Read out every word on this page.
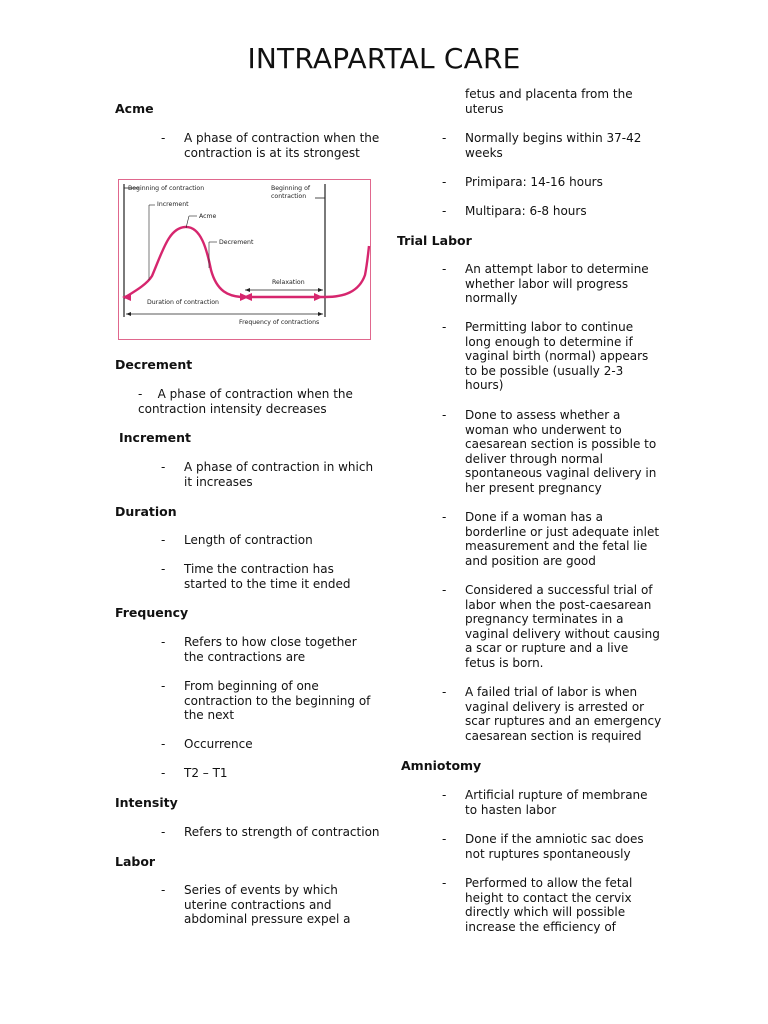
INTRAPARTAL CARE
Beginning of contraction	Beginning of
contraction
Increment
Acme
Decrement
Relaxation
Duration of contraction
Frequency of contractions
Acme
- A phase of contraction when the
contraction is at its strongest
Decrement
- A phase of contraction when the
contraction intensity decreases
Increment
- A phase of contraction in which
it increases
Duration
- Length of contraction
- Time the contraction has
started to the time it ended
Frequency
- Refers to how close together
the contractions are
- From beginning of one
contraction to the beginning of
the next
- Occurrence
- T2 – T1
Intensity
- Refers to strength of contraction
Labor
- Series of events by which
uterine contractions and
abdominal pressure expel a
fetus and placenta from the
uterus
- Normally begins within 37-42
weeks
- Primipara: 14-16 hours
- Multipara: 6-8 hours
Trial Labor
- An attempt labor to determine
whether labor will progress
normally
- Permitting labor to continue
long enough to determine if
vaginal birth (normal) appears
to be possible (usually 2-3
hours)
- Done to assess whether a
woman who underwent to
caesarean section is possible to
deliver through normal
spontaneous vaginal delivery in
her present pregnancy
- Done if a woman has a
borderline or just adequate inlet
measurement and the fetal lie
and position are good
- Considered a successful trial of
labor when the post-caesarean
pregnancy terminates in a
vaginal delivery without causing
a scar or rupture and a live
fetus is born.
- A failed trial of labor is when
vaginal delivery is arrested or
scar ruptures and an emergency
caesarean section is required
Amniotomy
- Artificial rupture of membrane
to hasten labor
- Done if the amniotic sac does
not ruptures spontaneously
- Performed to allow the fetal
height to contact the cervix
directly which will possible
increase the efficiency of
